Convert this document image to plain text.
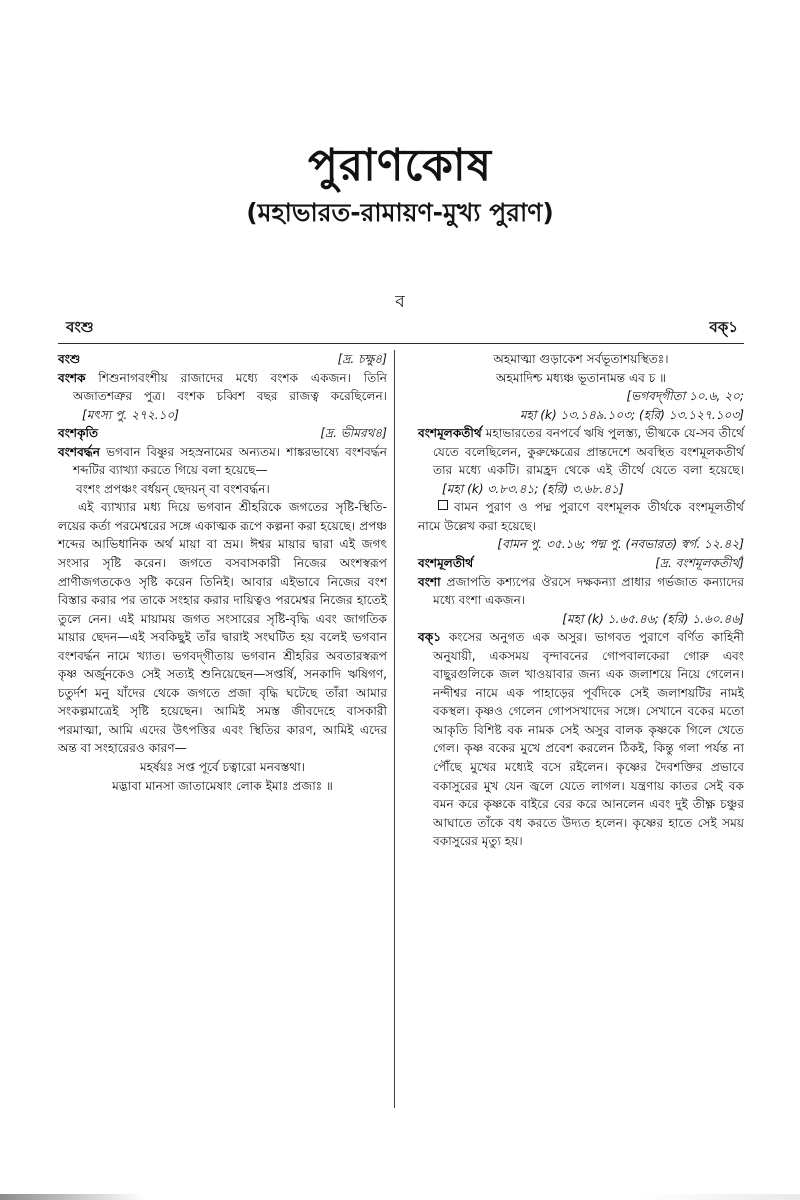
পুরাণকোষ
(মহাভারত-রামায়ণ-মুখ্য পুরাণ)
ব
বংশু	বক্১

বংশু	[দ্র. চক্ষু৪]

বংশক শিশুনাগবংশীয় রাজাদের মধ্যে বংশক একজন। তিনি অজাতশত্রুর পুত্র। বংশক চব্বিশ বছর রাজত্ব করেছিলেন। [মৎস্য পু. ২৭২.১০]

বংশকৃতি	[দ্র. ভীমরথ৪]

বংশবর্দ্ধন ভগবান বিষ্ণুর সহস্রনামের অন্যতম। শাঙ্করভাষ্যে বংশবর্দ্ধন শব্দটির ব্যাখ্যা করতে গিয়ে বলা হয়েছে—

বংশং প্রপঞ্চং বর্ধয়ন্ ছেদয়ন্ বা বংশবর্দ্ধন।

এই ব্যাখ্যার মধ্য দিয়ে ভগবান শ্রীহরিকে জগতের সৃষ্টি-স্থিতি-লয়ের কর্তা পরমেশ্বরের সঙ্গে একাত্মক রূপে কল্পনা করা হয়েছে। প্রপঞ্চ শব্দের আভিধানিক অর্থ মায়া বা ভ্রম। ঈশ্বর মায়ার দ্বারা এই জগৎ সংসার সৃষ্টি করেন। জগতে বসবাসকারী নিজের অংশস্বরূপ প্রাণীজগতকেও সৃষ্টি করেন তিনিই। আবার এইভাবে নিজের বংশ বিস্তার করার পর তাকে সংহার করার দায়িত্বও পরমেশ্বর নিজের হাতেই তুলে নেন। এই মায়াময় জগত সংসারের সৃষ্টি-বৃদ্ধি এবং জাগতিক মায়ার ছেদন—এই সবকিছুই তাঁর দ্বারাই সংঘটিত হয় বলেই ভগবান বংশবর্দ্ধন নামে খ্যাত। ভগবদ্‌গীতায় ভগবান শ্রীহরির অবতারস্বরূপ কৃষ্ণ অর্জুনকেও সেই সত্যই শুনিয়েছেন—সপ্তর্ষি, সনকাদি ঋষিগণ, চতুর্দশ মনু যাঁদের থেকে জগতে প্রজা বৃদ্ধি ঘটেছে তাঁরা আমার সংকল্পমাত্রেই সৃষ্টি হয়েছেন। আমিই সমস্ত জীবদেহে বাসকারী পরমাত্মা, আমি এদের উৎপত্তির এবং স্থিতির কারণ, আমিই এদের অন্ত বা সংহারেরও কারণ—

মহর্ষয়ঃ সপ্ত পূর্বে চত্বারো মনবস্তথা।

মদ্ভাবা মানসা জাতামেষাং লোক ইমাঃ প্রজাঃ ॥

অহমাত্মা গুড়াকেশ সর্বভূতাশয়স্থিতঃ।

অহমাদিশ্চ মধ্যঞ্চ ভূতানামন্ত এব চ ॥

[ভগবদ্‌গীতা ১০.৬, ২০;

মহা (k) ১৩.১৪৯.১০৩; (হরি) ১৩.১২৭.১০৩]

বংশমূলকতীর্থ মহাভারতের বনপর্বে ঋষি পুলস্ত্য, ভীষ্মকে যে-সব তীর্থে যেতে বলেছিলেন, কুরুক্ষেত্রের প্রান্তদেশে অবস্থিত বংশমূলকতীর্থ তার মধ্যে একটি। রামহ্রদ থেকে এই তীর্থে যেতে বলা হয়েছে। [মহা (k) ৩.৮৩.৪১; (হরি) ৩.৬৮.৪১]

বামন পুরাণ ও পদ্ম পুরাণে বংশমূলক তীর্থকে বংশমূলতীর্থ নামে উল্লেখ করা হয়েছে।

[বামন পু. ৩৫.১৬; পদ্ম পু. (নবভারত) স্বর্গ. ১২.৪২]

বংশমূলতীর্থ	[দ্র. বংশমূলকতীর্থ]

বংশা প্রজাপতি কশ্যপের ঔরসে দক্ষকন্যা প্রাধার গর্ভজাত কন্যাদের মধ্যে বংশা একজন।

[মহা (k) ১.৬৫.৪৬; (হরি) ১.৬০.৪৬]

বক্১ কংসের অনুগত এক অসুর। ভাগবত পুরাণে বর্ণিত কাহিনী অনুযায়ী, একসময় বৃন্দাবনের গোপবালকেরা গোরু এবং বাছুরগুলিকে জল খাওয়াবার জন্য এক জলাশয়ে নিয়ে গেলেন। নন্দীশ্বর নামে এক পাহাড়ের পূর্বদিকে সেই জলাশয়টির নামই বকস্থল। কৃষ্ণও গেলেন গোপসখাদের সঙ্গে। সেখানে বকের মতো আকৃতি বিশিষ্ট বক নামক সেই অসুর বালক কৃষ্ণকে গিলে খেতে গেল। কৃষ্ণ বকের মুখে প্রবেশ করলেন ঠিকই, কিন্তু গলা পর্যন্ত না পৌঁছে মুখের মধ্যেই বসে রইলেন। কৃষ্ণের দৈবশক্তির প্রভাবে বকাসুরের মুখ যেন জ্বলে যেতে লাগল। যন্ত্রণায় কাতর সেই বক বমন করে কৃষ্ণকে বাইরে বের করে আনলেন এবং দুই তীক্ষ্ণ চঞ্চুর আঘাতে তাঁকে বধ করতে উদ্যত হলেন। কৃষ্ণের হাতে সেই সময় বকাসুরের মৃত্যু হয়।
